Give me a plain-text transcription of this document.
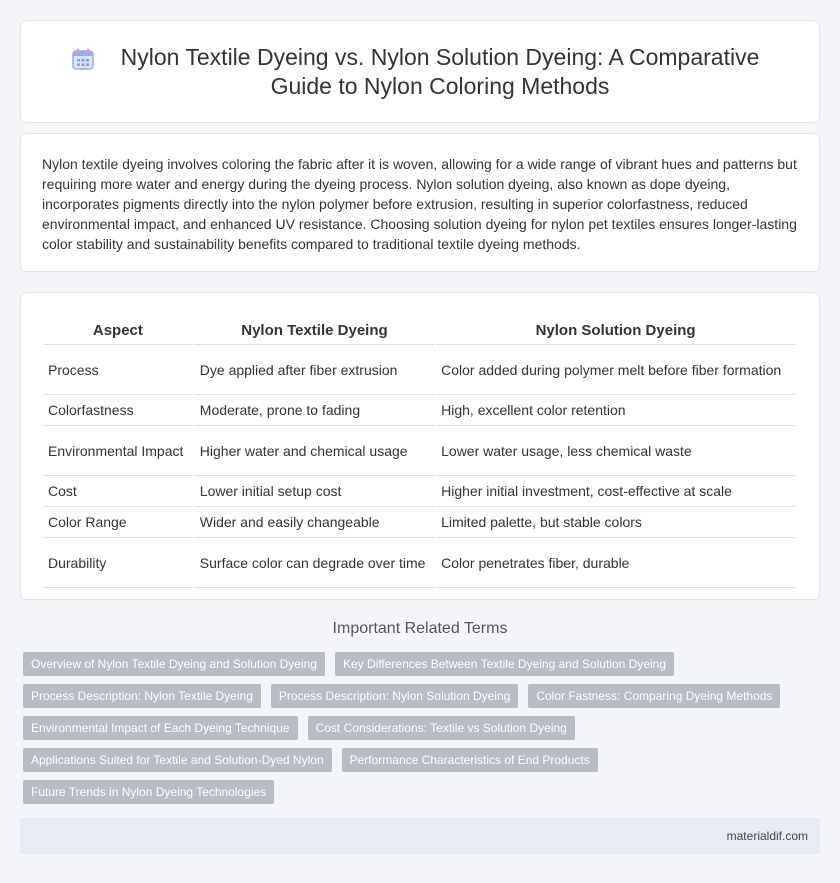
Nylon Textile Dyeing vs. Nylon Solution Dyeing: A Comparative Guide to Nylon Coloring Methods

Nylon textile dyeing involves coloring the fabric after it is woven, allowing for a wide range of vibrant hues and patterns but requiring more water and energy during the dyeing process. Nylon solution dyeing, also known as dope dyeing, incorporates pigments directly into the nylon polymer before extrusion, resulting in superior colorfastness, reduced environmental impact, and enhanced UV resistance. Choosing solution dyeing for nylon pet textiles ensures longer-lasting color stability and sustainability benefits compared to traditional textile dyeing methods.

Aspect	Nylon Textile Dyeing	Nylon Solution Dyeing
Process	Dye applied after fiber extrusion	Color added during polymer melt before fiber formation
Colorfastness	Moderate, prone to fading	High, excellent color retention
Environmental Impact	Higher water and chemical usage	Lower water usage, less chemical waste
Cost	Lower initial setup cost	Higher initial investment, cost-effective at scale
Color Range	Wider and easily changeable	Limited palette, but stable colors
Durability	Surface color can degrade over time	Color penetrates fiber, durable
Important Related Terms
Overview of Nylon Textile Dyeing and Solution Dyeing	Key Differences Between Textile Dyeing and Solution Dyeing
Process Description: Nylon Textile Dyeing	Process Description: Nylon Solution Dyeing	Color Fastness: Comparing Dyeing Methods
Environmental Impact of Each Dyeing Technique	Cost Considerations: Textile vs Solution Dyeing
Applications Suited for Textile and Solution-Dyed Nylon	Performance Characteristics of End Products
Future Trends in Nylon Dyeing Technologies
materialdif.com
